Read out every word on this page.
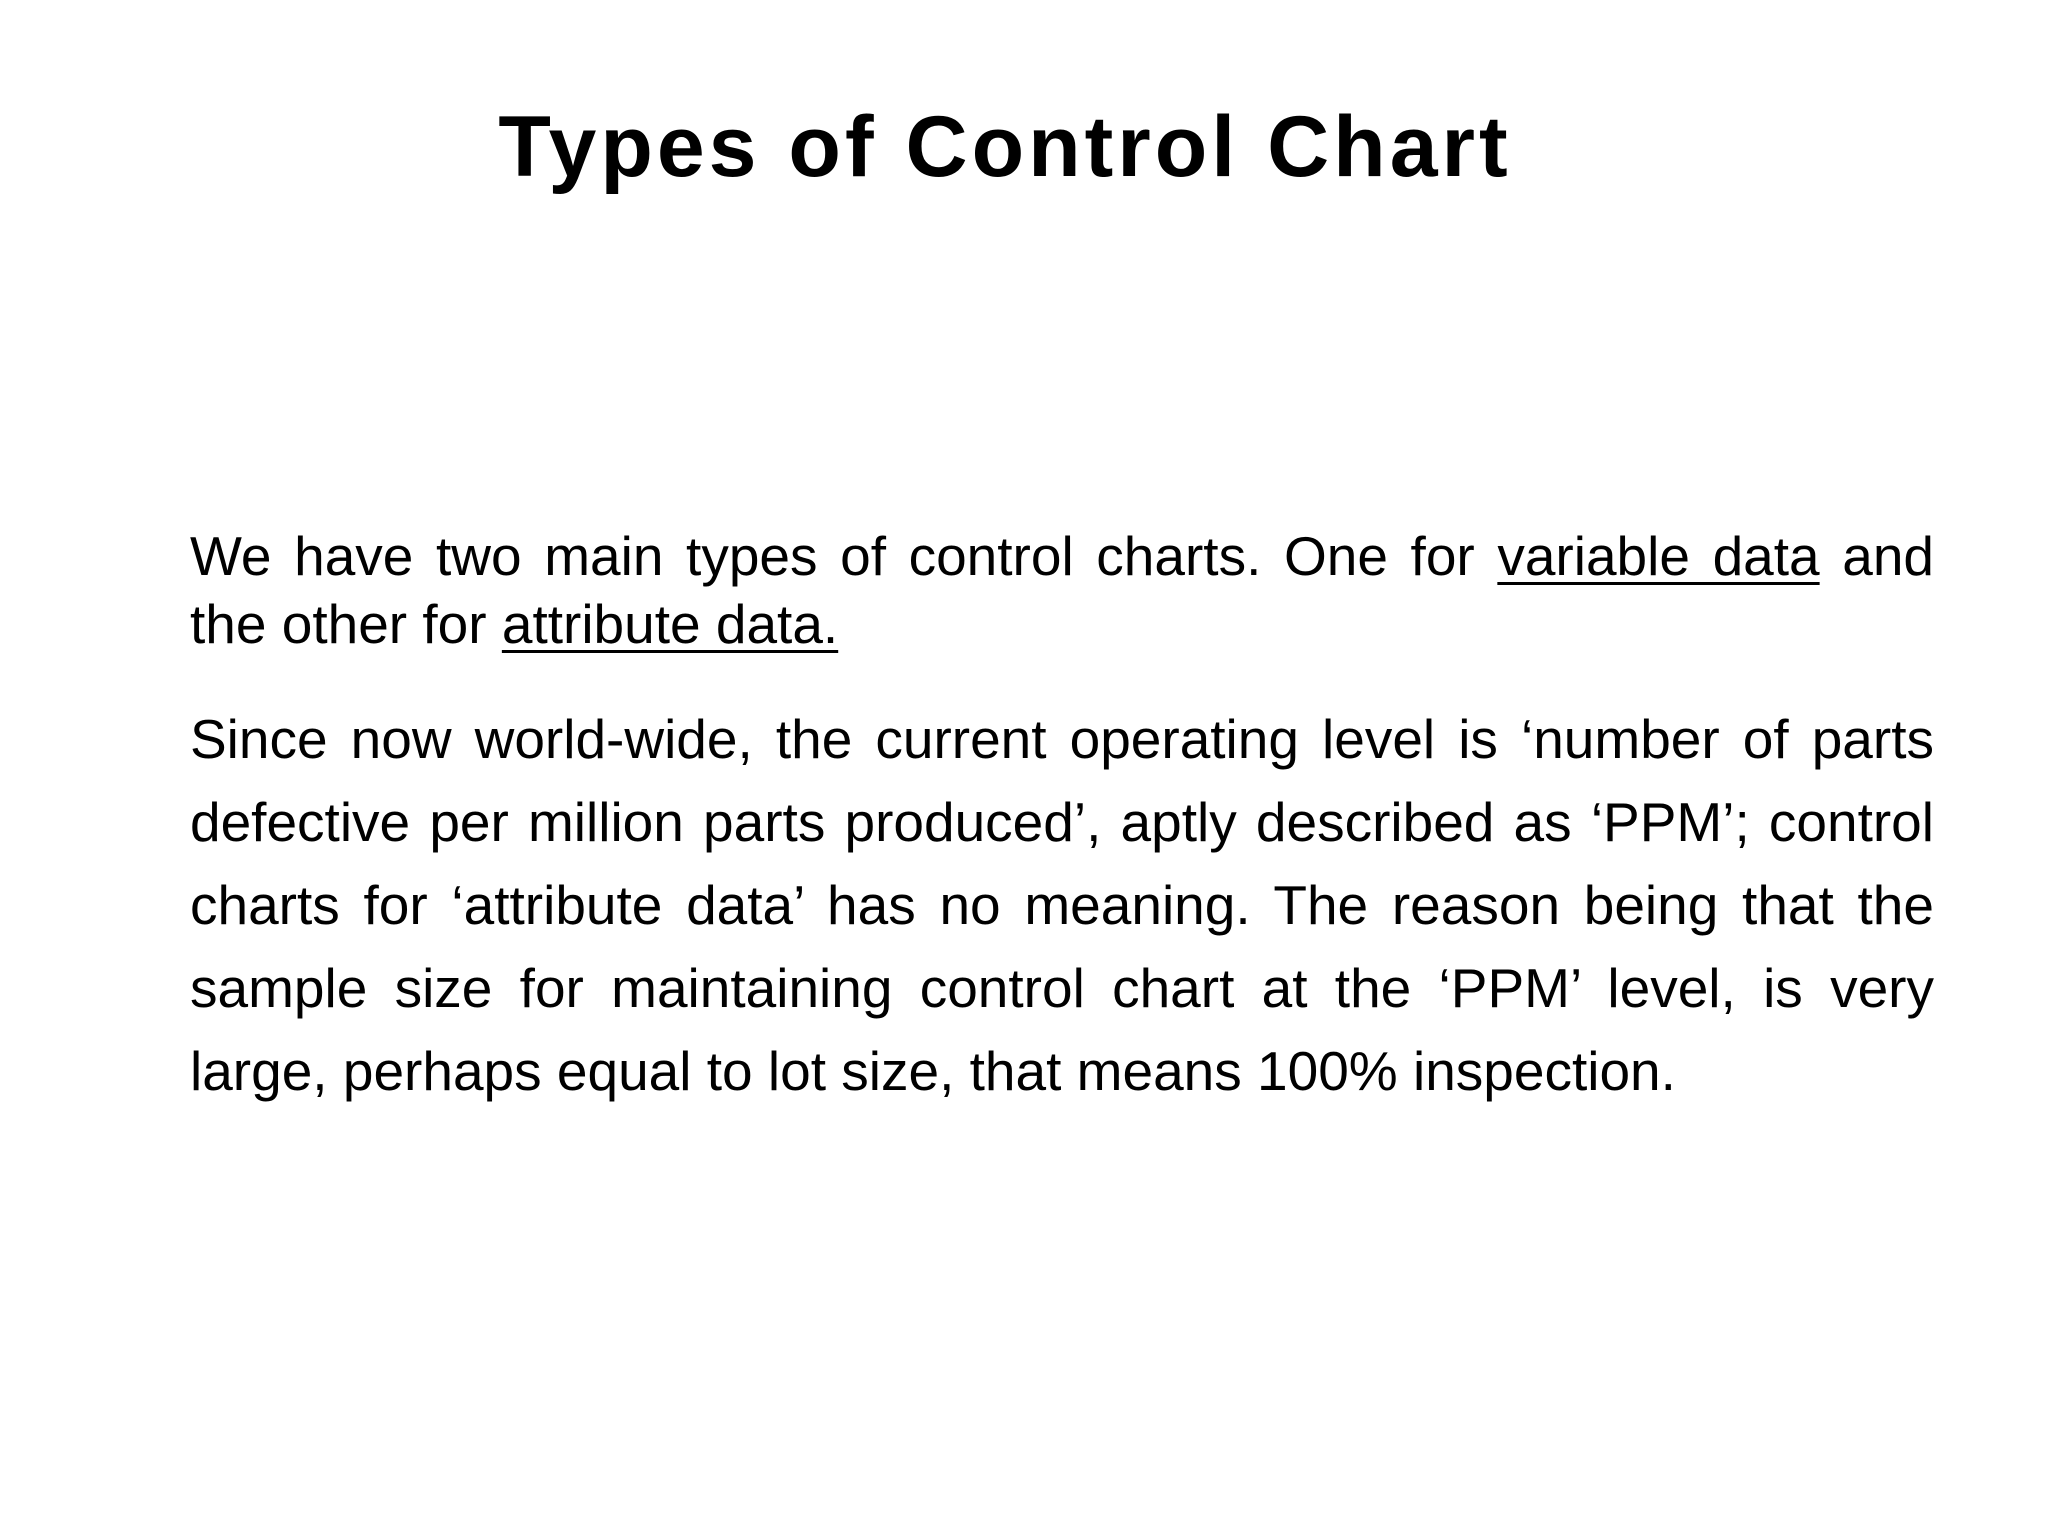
Types of Control Chart

We have two main types of control charts. One for variable data and the other for attribute data.

Since now world-wide, the current operating level is ‘number of parts defective per million parts produced’, aptly described as ‘PPM’; control charts for ‘attribute data’ has no meaning. The reason being that the sample size for maintaining control chart at the ‘PPM’ level, is very large, perhaps equal to lot size, that means 100% inspection.
